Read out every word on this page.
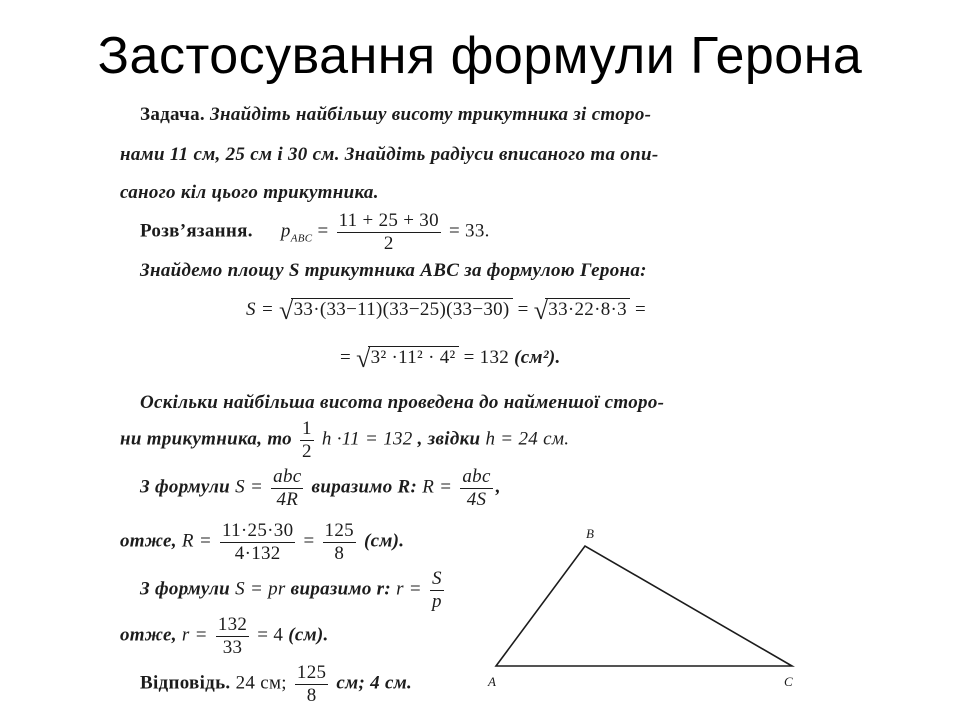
Застосування формули Герона
Задача. Знайдіть найбільшу висоту трикутника зі сторо-
нами 11 см, 25 см і 30 см. Знайдіть радіуси вписаного та опи-
саного кіл цього трикутника.
Розв’язання. $p_{ABC} = \frac{11 + 25 + 30}{2} = 33$.
Знайдемо площу S трикутника ABC за формулою Герона:
S = √33·(33−11)(33−25)(33−30) = √33·22·8·3 =
= √3² ·11² · 4² = 132 (см²).
Оскільки найбільша висота проведена до найменшої сторо-
ни трикутника, то $\frac{1}{2}$ h ·11 = 132 , звідки h = 24 см.
З формули $S = \frac{\text{abc}}{4R}$ виразимо R: $R = \frac{\text{abc}}{4S}$ ,
отже, $R = \frac{11\cdot 25\cdot 30}{4\cdot 132} = \frac{125}{8} (см)$.
З формули S = pr виразимо r: $r = \frac{S}{p}$
отже, $r = \frac{132}{33} = 4$ (см).
Відповідь. 24 см; $\frac{125}{8}$ см; 4 см.	A
B
C
